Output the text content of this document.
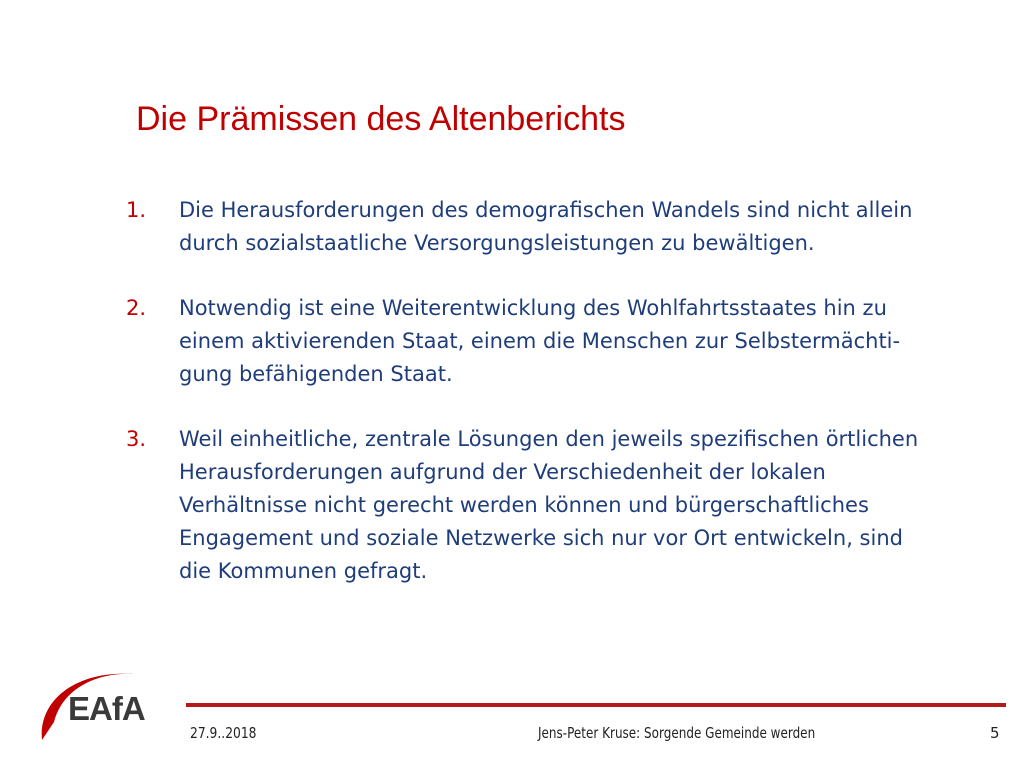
Die Prämissen des Altenberichts
1.	Die Herausforderungen des demografischen Wandels sind nicht allein
durch sozialstaatliche Versorgungsleistungen zu bewältigen.
2.	Notwendig ist eine Weiterentwicklung des Wohlfahrtsstaates hin zu
einem aktivierenden Staat, einem die Menschen zur Selbstermächti-
gung befähigenden Staat.
3.	Weil einheitliche, zentrale Lösungen den jeweils spezifischen örtlichen
Herausforderungen aufgrund der Verschiedenheit der lokalen
Verhältnisse nicht gerecht werden können und bürgerschaftliches
Engagement und soziale Netzwerke sich nur vor Ort entwickeln, sind
die Kommunen gefragt.
EAfA
27.9..2018	Jens-Peter Kruse: Sorgende Gemeinde werden	5
